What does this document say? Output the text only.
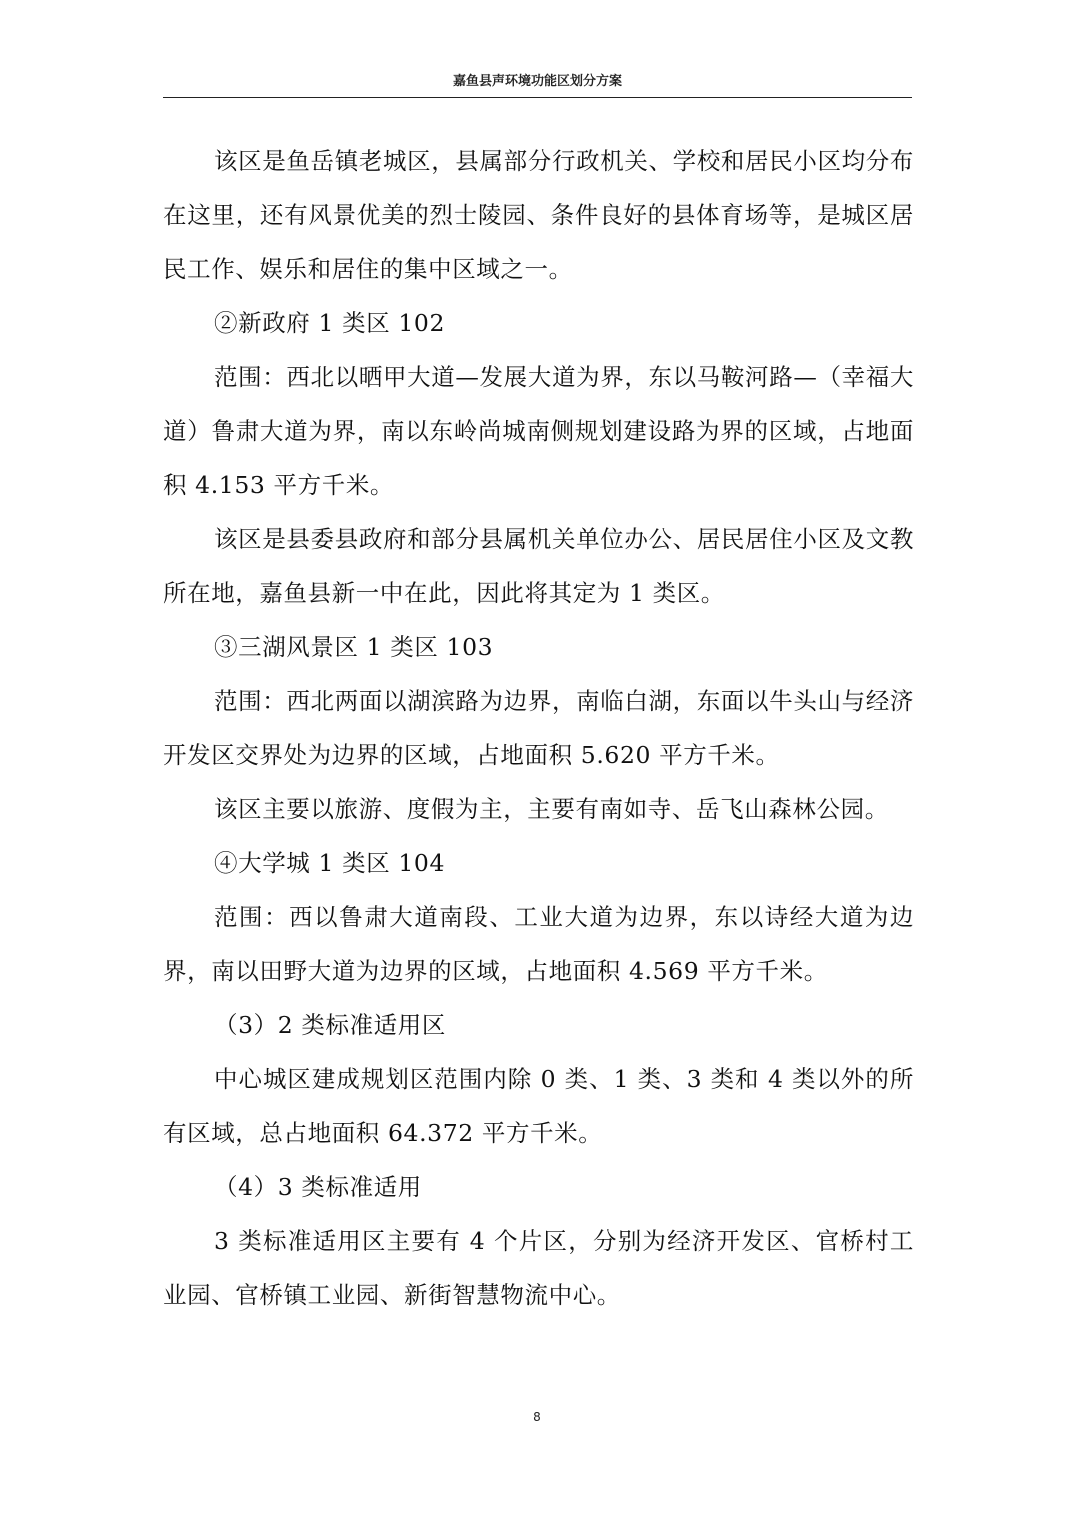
嘉鱼县声环境功能区划分方案

该区是鱼岳镇老城区，县属部分行政机关、学校和居民小区均分布在这里，还有风景优美的烈士陵园、条件良好的县体育场等，是城区居民工作、娱乐和居住的集中区域之一。

②新政府 1 类区 102

范围：西北以晒甲大道—发展大道为界，东以马鞍河路—（幸福大道）鲁肃大道为界，南以东岭尚城南侧规划建设路为界的区域，占地面积 4.153 平方千米。

该区是县委县政府和部分县属机关单位办公、居民居住小区及文教所在地，嘉鱼县新一中在此，因此将其定为 1 类区。

③三湖风景区 1 类区 103

范围：西北两面以湖滨路为边界，南临白湖，东面以牛头山与经济开发区交界处为边界的区域，占地面积 5.620 平方千米。

该区主要以旅游、度假为主，主要有南如寺、岳飞山森林公园。

④大学城 1 类区 104

范围：西以鲁肃大道南段、工业大道为边界，东以诗经大道为边界，南以田野大道为边界的区域，占地面积 4.569 平方千米。

（3）2 类标准适用区

中心城区建成规划区范围内除 0 类、1 类、3 类和 4 类以外的所有区域，总占地面积 64.372 平方千米。

（4）3 类标准适用

3 类标准适用区主要有 4 个片区，分别为经济开发区、官桥村工业园、官桥镇工业园、新街智慧物流中心。

8
